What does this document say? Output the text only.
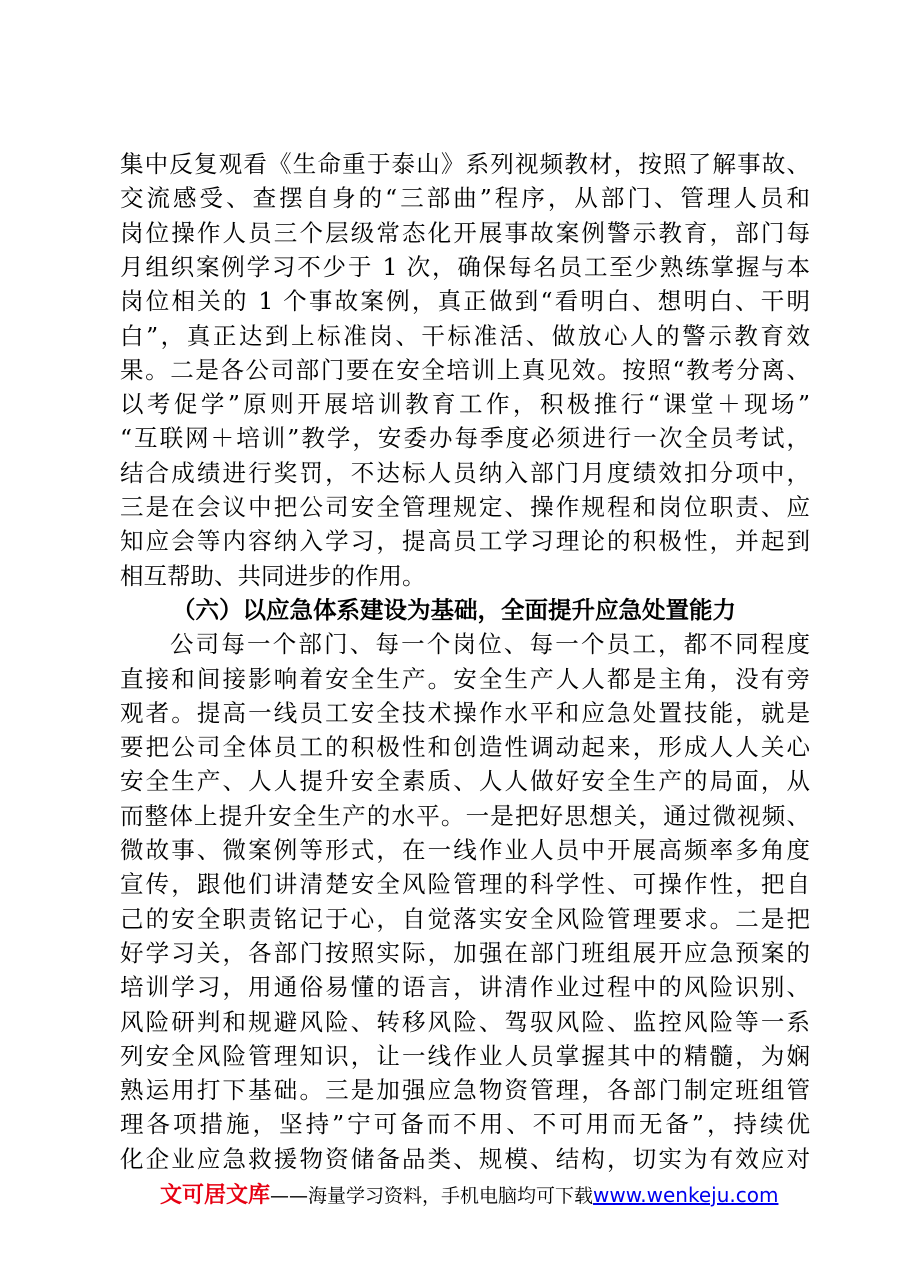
集中反复观看《生命重于泰山》系列视频教材，按照了解事故、
交流感受、查摆自身的“三部曲”程序，从部门、管理人员和
岗位操作人员三个层级常态化开展事故案例警示教育，部门每
月组织案例学习不少于 1 次，确保每名员工至少熟练掌握与本
岗位相关的 1 个事故案例，真正做到“看明白、想明白、干明
白”，真正达到上标准岗、干标准活、做放心人的警示教育效
果。二是各公司部门要在安全培训上真见效。按照“教考分离、
以考促学”原则开展培训教育工作，积极推行“课堂＋现场”
“互联网＋培训”教学，安委办每季度必须进行一次全员考试，
结合成绩进行奖罚，不达标人员纳入部门月度绩效扣分项中，
三是在会议中把公司安全管理规定、操作规程和岗位职责、应
知应会等内容纳入学习，提高员工学习理论的积极性，并起到
相互帮助、共同进步的作用。
（六）以应急体系建设为基础，全面提升应急处置能力
公司每一个部门、每一个岗位、每一个员工，都不同程度
直接和间接影响着安全生产。安全生产人人都是主角，没有旁
观者。提高一线员工安全技术操作水平和应急处置技能，就是
要把公司全体员工的积极性和创造性调动起来，形成人人关心
安全生产、人人提升安全素质、人人做好安全生产的局面，从
而整体上提升安全生产的水平。一是把好思想关，通过微视频、
微故事、微案例等形式，在一线作业人员中开展高频率多角度
宣传，跟他们讲清楚安全风险管理的科学性、可操作性，把自
己的安全职责铭记于心，自觉落实安全风险管理要求。二是把
好学习关，各部门按照实际，加强在部门班组展开应急预案的
培训学习，用通俗易懂的语言，讲清作业过程中的风险识别、
风险研判和规避风险、转移风险、驾驭风险、监控风险等一系
列安全风险管理知识，让一线作业人员掌握其中的精髓，为娴
熟运用打下基础。三是加强应急物资管理，各部门制定班组管
理各项措施，坚持”宁可备而不用、不可用而无备”，持续优
化企业应急救援物资储备品类、规模、结构，切实为有效应对
文可居文库——海量学习资料，手机电脑均可下载www.wenkeju.com
